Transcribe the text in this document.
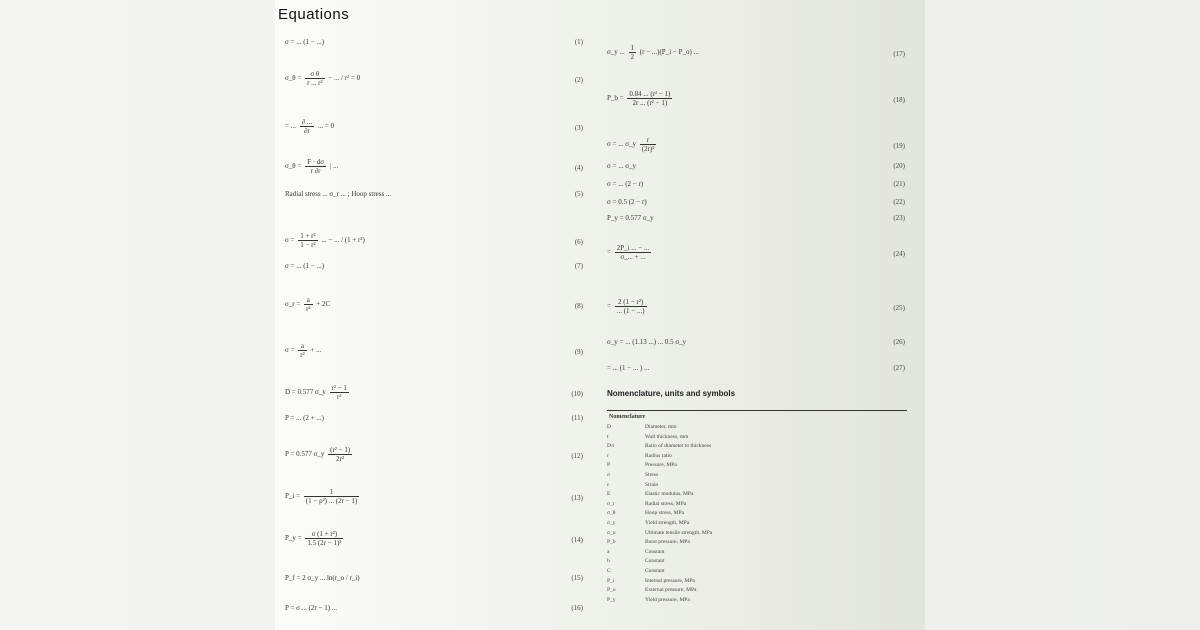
Equations
σ = ... (1 − ...)	(1)
σ_θ = $\frac{\text{σ θ}}{\text{r ... r²}}$ − ... / r² = 0	(2)
= ... $\frac{\partial ...}{\partial r}$ ... = 0	(3)
σ_θ = $\frac{F \cdot d\sigma}{r \partial r}$ | ...	(4)
Radial stress ... σ_r ... ; Hoop stress ...	(5)
$\sigma = \frac{\text{1 + r²}}{\text{1 − r²}}$ ... − ... / (1 + r²)	(6)
σ = ... (1 − ...)	(7)
σ_r = $\frac{a}{\text{r²}} + 2C$	(8)
$\sigma = \frac{a}{\text{r²}}$ + ...	(9)
D = 0.577 σ_y $\frac{\text{r² − 1}}{\text{r²}}$	(10)
P = ... (2 + ...)	(11)
P = 0.577 σ_y $\frac{\text{(r² − 1)}}{\text{2r²}}$	(12)
P_i = $\frac{1}{\text{(1 − ρ²) ... (2r − 1)}}$	(13)
P_y = $\frac{\text{σ (1 + r²)}}{\text{1.5 (2r − 1)²}}$	(14)
P_f = 2 σ_y ... ln(r_o / r_i)	(15)
P = σ ... (2r − 1) ...	(16)
σ_y ... $\frac{1}{2} (r$ − ...)(P_i − P_o) ...	(17)
P_b = $\frac{\text{0.84 ... (r² − 1)}}{\text{2r ... (r² − 1)}}$	(18)
σ = ... σ_y $\frac{r}{\text{(2r)²}}$	(19)
σ = ... σ_y	(20)
σ = ... (2 − r)	(21)
σ = 0.5 (2 − r)	(22)
P_y = 0.577 σ_y	(23)
= $\frac{2P\_i ... - ...}{\sigma\_... + ...}$	(24)
= $\frac{\text{2 (1 − r²)}}{... (1 - ...)}$	(25)
σ_y = ... (1.13 ...) ... 0.5 σ_y	(26)
= ... (1 − ... ) ...	(27)
Nomenclature, units and symbols
Nomenclature
D	Diameter, mm
t	Wall thickness, mm
D/t	Ratio of diameter to thickness
r	Radius ratio
P	Pressure, MPa
σ	Stress
ε	Strain
E	Elastic modulus, MPa
σ_r	Radial stress, MPa
σ_θ	Hoop stress, MPa
σ_y	Yield strength, MPa
σ_u	Ultimate tensile strength, MPa
P_b	Burst pressure, MPa
a	Constant
b	Constant
C	Constant
P_i	Internal pressure, MPa
P_o	External pressure, MPa
P_y	Yield pressure, MPa
